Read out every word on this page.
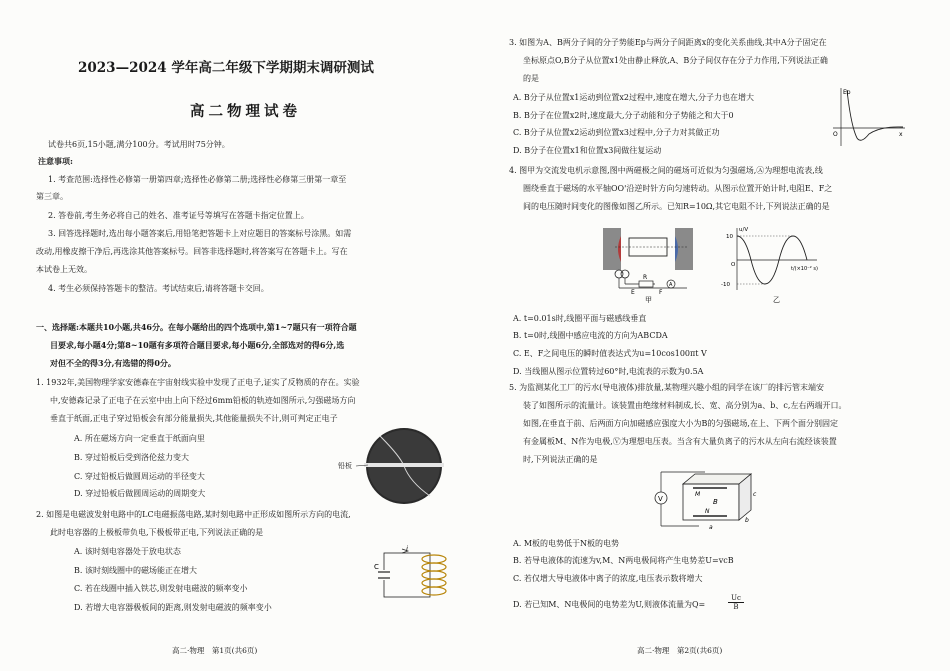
2023—2024 学年高二年级下学期期末调研测试
高二物理试卷
试卷共6页,15小题,满分100分。考试用时75分钟。
注意事项:
1. 考查范围:选择性必修第一册第四章;选择性必修第二册;选择性必修第三册第一章至
第三章。
2. 答卷前,考生务必将自己的姓名、准考证号等填写在答题卡指定位置上。
3. 回答选择题时,选出每小题答案后,用铅笔把答题卡上对应题目的答案标号涂黑。如需
改动,用橡皮擦干净后,再选涂其他答案标号。回答非选择题时,将答案写在答题卡上。写在
本试卷上无效。
4. 考生必须保持答题卡的整洁。考试结束后,请将答题卡交回。
一、选择题:本题共10小题,共46分。在每小题给出的四个选项中,第1~7题只有一项符合题
目要求,每小题4分;第8~10题有多项符合题目要求,每小题6分,全部选对的得6分,选
对但不全的得3分,有选错的得0分。
1. 1932年,美国物理学家安德森在宇宙射线实验中发现了正电子,证实了反物质的存在。实验
中,安德森记录了正电子在云室中由上向下经过6mm铅板的轨迹如图所示,匀强磁场方向
垂直于纸面,正电子穿过铅板会有部分能量损失,其他能量损失不计,则可判定正电子
A. 所在磁场方向一定垂直于纸面向里
B. 穿过铅板后受到洛伦兹力变大
C. 穿过铅板后做圆周运动的半径变大
D. 穿过铅板后做圆周运动的周期变大
铅板
2. 如图是电磁波发射电路中的LC电磁振荡电路,某时刻电路中正形成如图所示方向的电流,
此时电容器的上极板带负电,下极板带正电,下列说法正确的是
A. 该时刻电容器处于放电状态
B. 该时刻线圈中的磁场能正在增大
C. 若在线圈中插入铁芯,则发射电磁波的频率变小
D. 若增大电容器极板间的距离,则发射电磁波的频率变小
C
i
高二·物理　第1页(共6页)
3. 如图为A、B两分子间的分子势能Ep与两分子间距离x的变化关系曲线,其中A分子固定在
坐标原点O,B分子从位置x1处由静止释放,A、B分子间仅存在分子力作用,下列说法正确
的是
A. B分子从位置x1运动到位置x2过程中,速度在增大,分子力也在增大
B. B分子在位置x2时,速度最大,分子动能和分子势能之和大于0
C. B分子从位置x2运动到位置x3过程中,分子力对其做正功
D. B分子在位置x1和位置x3间做往复运动
Ep
O	x
4. 图甲为交流发电机示意图,图中两磁极之间的磁场可近似为匀强磁场,Ⓐ为理想电流表,线
圈绕垂直于磁场的水平轴OO'沿逆时针方向匀速转动。从图示位置开始计时,电阻E、F之
间的电压随时间变化的图像如图乙所示。已知R=10Ω,其它电阻不计,下列说法正确的是
R
A
E	F
甲
u/V
10
-10
O
t/(×10⁻² s)
乙
A. t=0.01s时,线圈平面与磁感线垂直
B. t=0时,线圈中感应电流的方向为ABCDA
C. E、F之间电压的瞬时值表达式为u=10cos100πt V
D. 当线圈从图示位置转过60°时,电流表的示数为0.5A
5. 为监测某化工厂的污水(导电液体)排放量,某物理兴趣小组的同学在该厂的排污管末端安
装了如图所示的流量计。该装置由绝缘材料制成,长、宽、高分别为a、b、c,左右两端开口。
如图,在垂直于前、后两面方向加磁感应强度大小为B的匀强磁场,在上、下两个面分别固定
有金属板M、N作为电极,Ⓥ为理想电压表。当含有大量负离子的污水从左向右流经该装置
时,下列说法正确的是
V
M
N
B
a
b
c
A. M板的电势低于N板的电势
B. 若导电液体的流速为v,M、N两电极间将产生电势差U=vcB
C. 若仅增大导电液体中离子的浓度,电压表示数将增大
D. 若已知M、N电极间的电势差为U,则液体流量为Q=
Uc
B
高二·物理　第2页(共6页)
